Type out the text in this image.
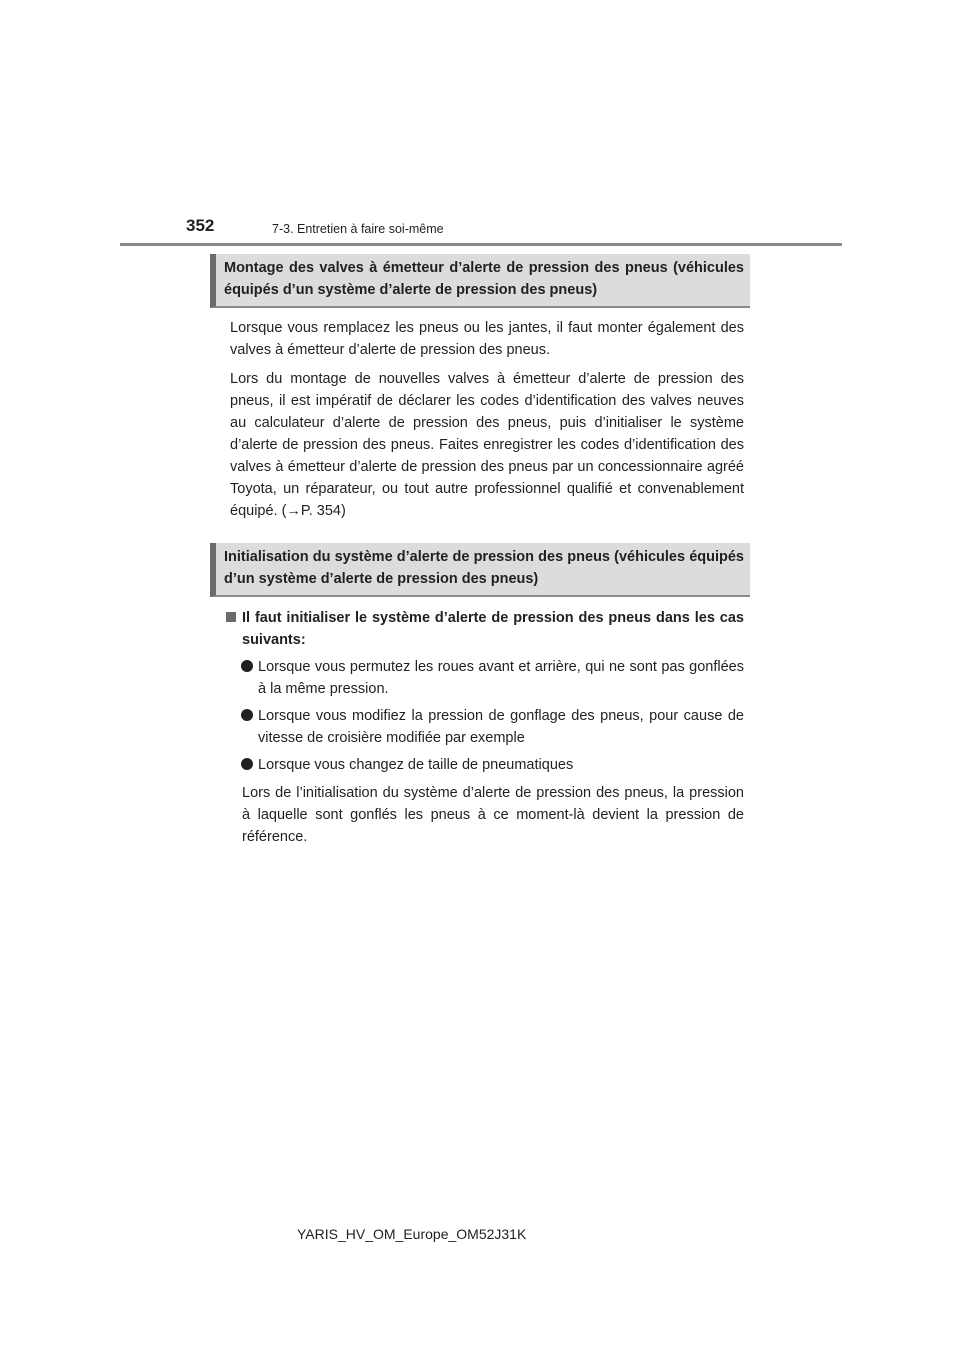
352	7-3. Entretien à faire soi-même
Montage des valves à émetteur d’alerte de pression des pneus (véhicules équipés d’un système d’alerte de pression des pneus)

Lorsque vous remplacez les pneus ou les jantes, il faut monter également des valves à émetteur d’alerte de pression des pneus.

Lors du montage de nouvelles valves à émetteur d’alerte de pression des pneus, il est impératif de déclarer les codes d’identification des valves neuves au calculateur d’alerte de pression des pneus, puis d’initialiser le système d’alerte de pression des pneus. Faites enregistrer les codes d’identification des valves à émetteur d’alerte de pression des pneus par un concessionnaire agréé Toyota, un réparateur, ou tout autre professionnel qualifié et convenablement équipé. (→P. 354)

Initialisation du système d’alerte de pression des pneus (véhicules équipés d’un système d’alerte de pression des pneus)
Il faut initialiser le système d’alerte de pression des pneus dans les cas suivants:
Lorsque vous permutez les roues avant et arrière, qui ne sont pas gonflées à la même pression.
Lorsque vous modifiez la pression de gonflage des pneus, pour cause de vitesse de croisière modifiée par exemple
Lorsque vous changez de taille de pneumatiques

Lors de l’initialisation du système d’alerte de pression des pneus, la pression à laquelle sont gonflés les pneus à ce moment-là devient la pression de référence.

YARIS_HV_OM_Europe_OM52J31K
